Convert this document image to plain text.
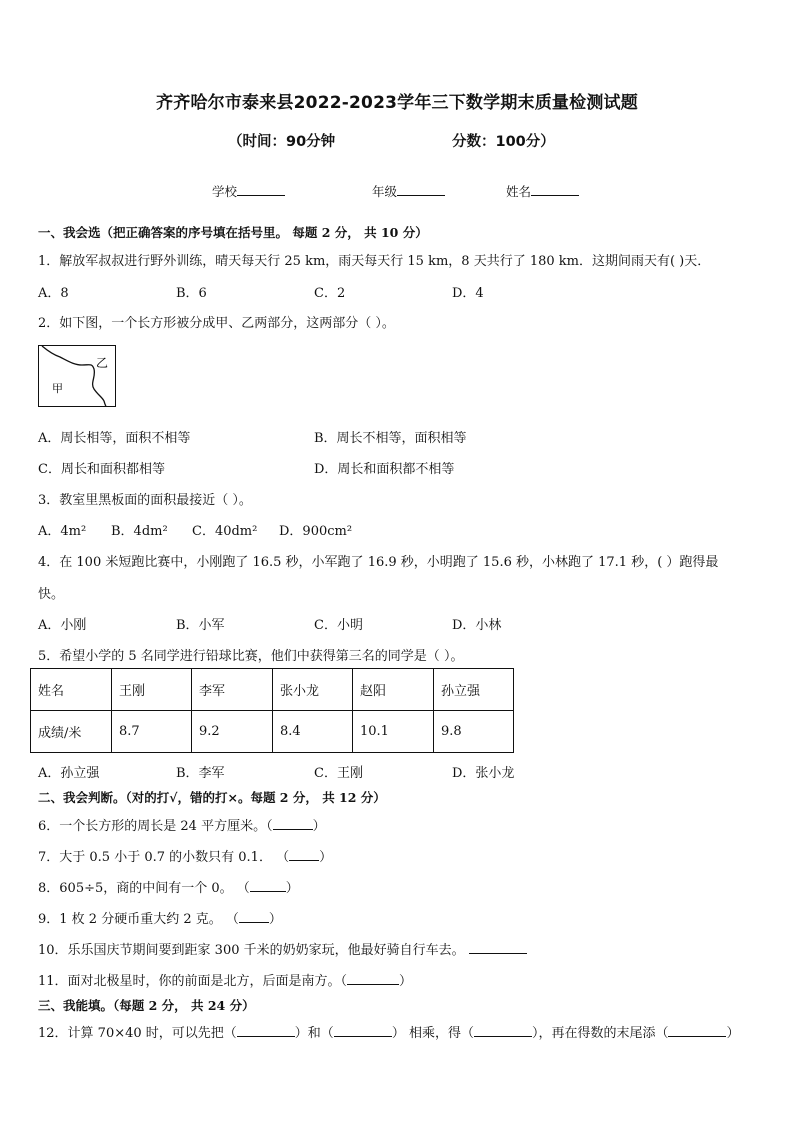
齐齐哈尔市泰来县2022-2023学年三下数学期末质量检测试题
（时间：90分钟	分数：100分）
学校	年级	姓名
一、我会选（把正确答案的序号填在括号里。 每题 2 分， 共 10 分）
1．解放军叔叔进行野外训练，晴天每天行 25 km，雨天每天行 15 km，8 天共行了 180 km．这期间雨天有( )天．
A．8	B．6	C．2	D．4
2．如下图，一个长方形被分成甲、乙两部分，这两部分（ ）。
乙
甲
A．周长相等，面积不相等	B．周长不相等，面积相等
C．周长和面积都相等	D．周长和面积都不相等
3．教室里黑板面的面积最接近（ ）。
A．4m² B．4dm² C．40dm² D．900cm²
4．在 100 米短跑比赛中，小刚跑了 16.5 秒，小军跑了 16.9 秒，小明跑了 15.6 秒，小林跑了 17.1 秒，( ）跑得最
快。
A．小刚	B．小军	C．小明	D．小林
5．希望小学的 5 名同学进行铅球比赛，他们中获得第三名的同学是（ ）。
姓名	王刚	李军	张小龙	赵阳	孙立强
成绩/米	8.7	9.2	8.4	10.1	9.8
A．孙立强	B．李军	C．王刚	D．张小龙
二、我会判断。（对的打√，错的打×。每题 2 分， 共 12 分）
6．一个长方形的周长是 24 平方厘米。（	）
7．大于 0.5 小于 0.7 的小数只有 0.1． （ ）
8．605÷5，商的中间有一个 0。 （	）
9．1 枚 2 分硬币重大约 2 克。 （ ）
10．乐乐国庆节期间要到距家 300 千米的奶奶家玩，他最好骑自行车去。
11．面对北极星时，你的前面是北方，后面是南方。（	）
三、我能填。（每题 2 分， 共 24 分）
12．计算 70×40 时，可以先把（	）和（	） 相乘，得（	），再在得数的末尾添（	）
